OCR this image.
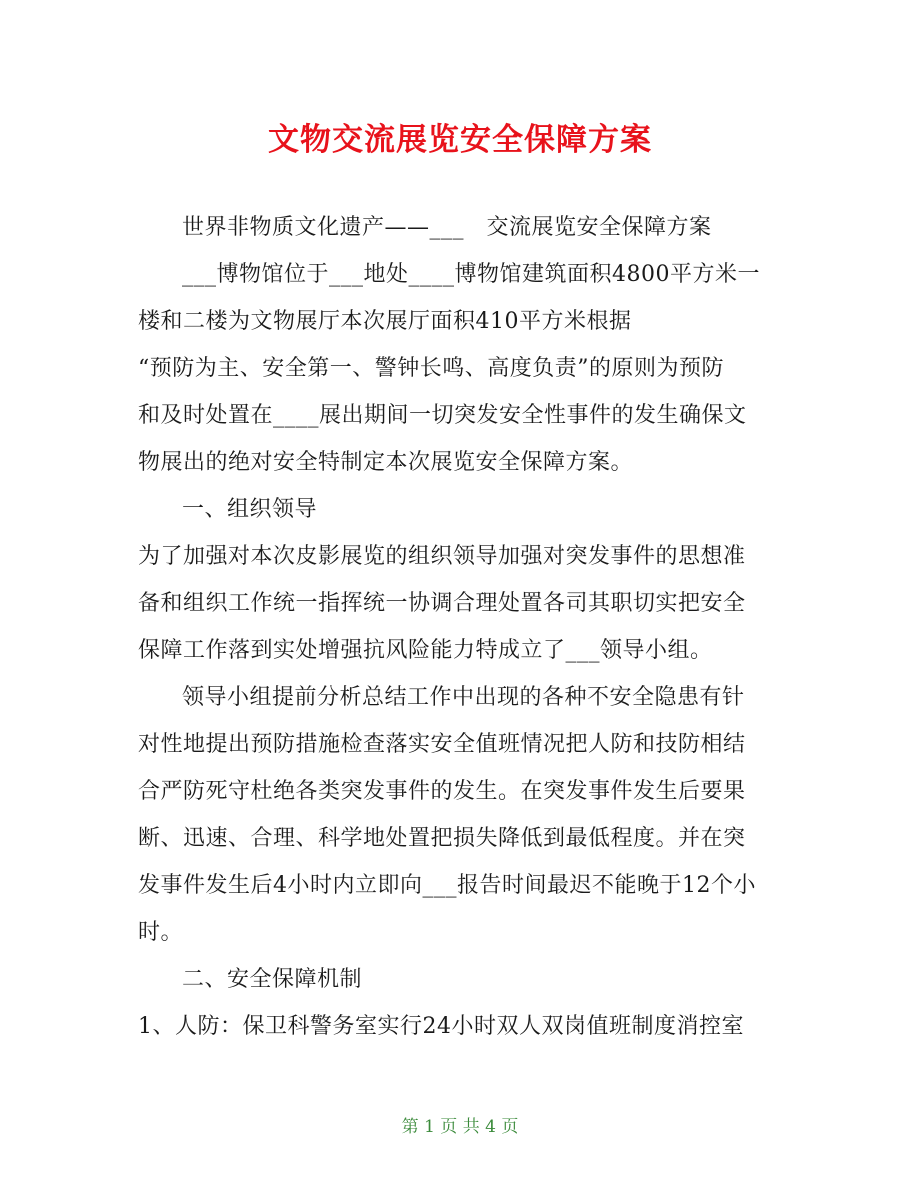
文物交流展览安全保障方案
世界非物质文化遗产——___　交流展览安全保障方案
___博物馆位于___地处____博物馆建筑面积4800平方米一
楼和二楼为文物展厅本次展厅面积410平方米根据
“预防为主、安全第一、警钟长鸣、高度负责”的原则为预防
和及时处置在____展出期间一切突发安全性事件的发生确保文
物展出的绝对安全特制定本次展览安全保障方案。
一、组织领导
为了加强对本次皮影展览的组织领导加强对突发事件的思想准
备和组织工作统一指挥统一协调合理处置各司其职切实把安全
保障工作落到实处增强抗风险能力特成立了___领导小组。
领导小组提前分析总结工作中出现的各种不安全隐患有针
对性地提出预防措施检查落实安全值班情况把人防和技防相结
合严防死守杜绝各类突发事件的发生。在突发事件发生后要果
断、迅速、合理、科学地处置把损失降低到最低程度。并在突
发事件发生后4小时内立即向___报告时间最迟不能晚于12个小
时。
二、安全保障机制
1、人防：保卫科警务室实行24小时双人双岗值班制度消控室
第 1 页 共 4 页
